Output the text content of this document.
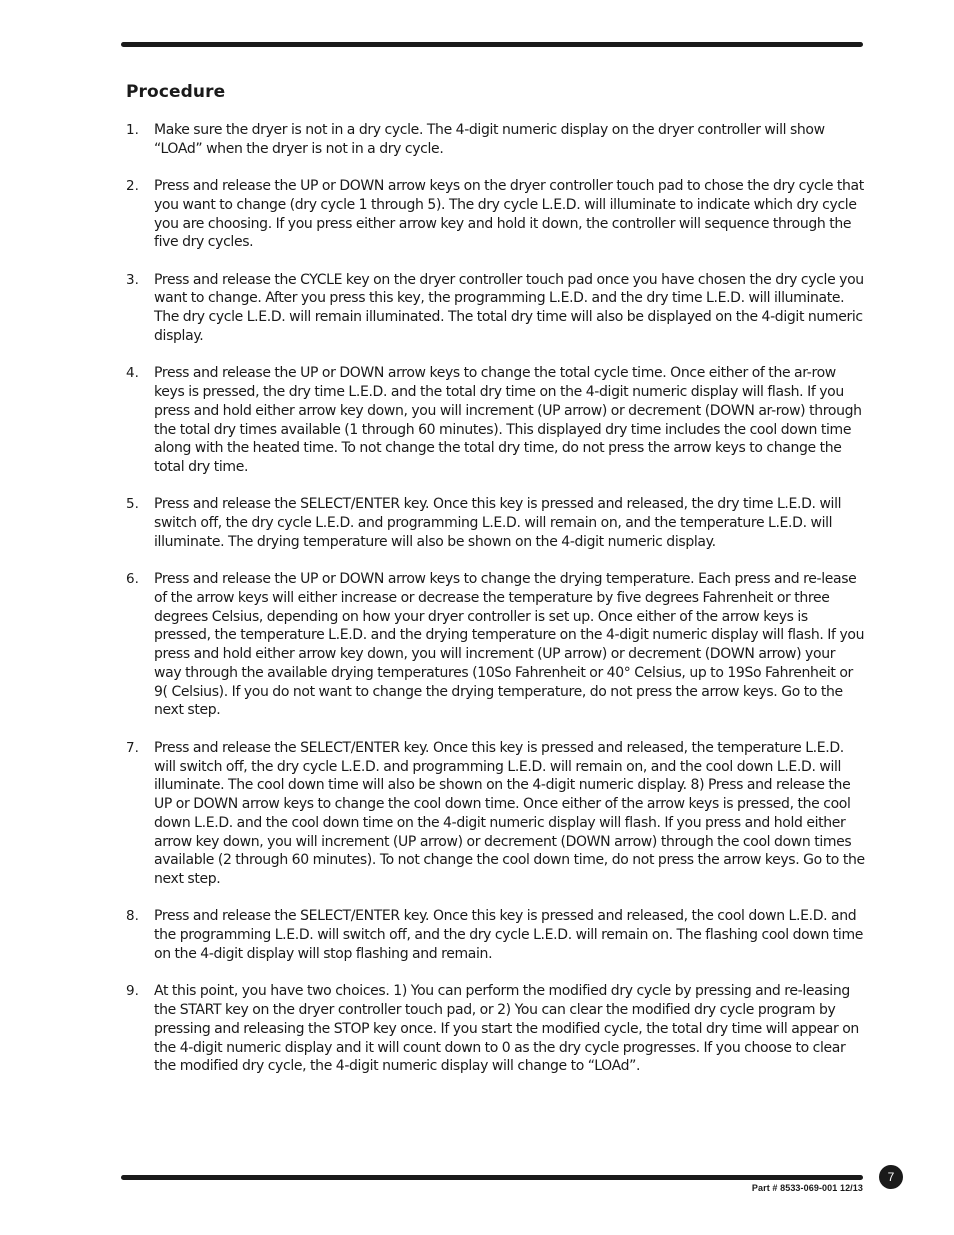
Procedure
1.	Make sure the dryer is not in a dry cycle. The 4-digit numeric display on the dryer controller will show “LOAd” when the dryer is not in a dry cycle.
2.	Press and release the UP or DOWN arrow keys on the dryer controller touch pad to chose the dry cycle that you want to change (dry cycle 1 through 5). The dry cycle L.E.D. will illuminate to indicate which dry cycle you are choosing. If you press either arrow key and hold it down, the controller will sequence through the five dry cycles.
3.	Press and release the CYCLE key on the dryer controller touch pad once you have chosen the dry cycle you want to change. After you press this key, the programming L.E.D. and the dry time L.E.D. will illuminate. The dry cycle L.E.D. will remain illuminated. The total dry time will also be displayed on the 4-digit numeric display.
4.	Press and release the UP or DOWN arrow keys to change the total cycle time. Once either of the ar-row keys is pressed, the dry time L.E.D. and the total dry time on the 4-digit numeric display will flash. If you press and hold either arrow key down, you will increment (UP arrow) or decrement (DOWN ar-row) through the total dry times available (1 through 60 minutes). This displayed dry time includes the cool down time along with the heated time. To not change the total dry time, do not press the arrow keys to change the total dry time.
5.	Press and release the SELECT/ENTER key. Once this key is pressed and released, the dry time L.E.D. will switch off, the dry cycle L.E.D. and programming L.E.D. will remain on, and the temperature L.E.D. will illuminate. The drying temperature will also be shown on the 4-digit numeric display.
6.	Press and release the UP or DOWN arrow keys to change the drying temperature. Each press and re-lease of the arrow keys will either increase or decrease the temperature by five degrees Fahrenheit or three degrees Celsius, depending on how your dryer controller is set up. Once either of the arrow keys is pressed, the temperature L.E.D. and the drying temperature on the 4-digit numeric display will flash. If you press and hold either arrow key down, you will increment (UP arrow) or decrement (DOWN arrow) your way through the available drying temperatures (10So Fahrenheit or 40° Celsius, up to 19So Fahrenheit or 9( Celsius). If you do not want to change the drying temperature, do not press the arrow keys. Go to the next step.
7.	Press and release the SELECT/ENTER key. Once this key is pressed and released, the temperature L.E.D. will switch off, the dry cycle L.E.D. and programming L.E.D. will remain on, and the cool down L.E.D. will illuminate. The cool down time will also be shown on the 4-digit numeric display. 8) Press and release the UP or DOWN arrow keys to change the cool down time. Once either of the arrow keys is pressed, the cool down L.E.D. and the cool down time on the 4-digit numeric display will flash. If you press and hold either arrow key down, you will increment (UP arrow) or decrement (DOWN arrow) through the cool down times available (2 through 60 minutes). To not change the cool down time, do not press the arrow keys. Go to the next step.
8.	Press and release the SELECT/ENTER key. Once this key is pressed and released, the cool down L.E.D. and the programming L.E.D. will switch off, and the dry cycle L.E.D. will remain on. The flashing cool down time on the 4-digit display will stop flashing and remain.
9.	At this point, you have two choices. 1) You can perform the modified dry cycle by pressing and re-leasing the START key on the dryer controller touch pad, or 2) You can clear the modified dry cycle program by pressing and releasing the STOP key once. If you start the modified cycle, the total dry time will appear on the 4-digit numeric display and it will count down to 0 as the dry cycle progresses. If you choose to clear the modified dry cycle, the 4-digit numeric display will change to “LOAd”.
7
Part # 8533-069-001 12/13
